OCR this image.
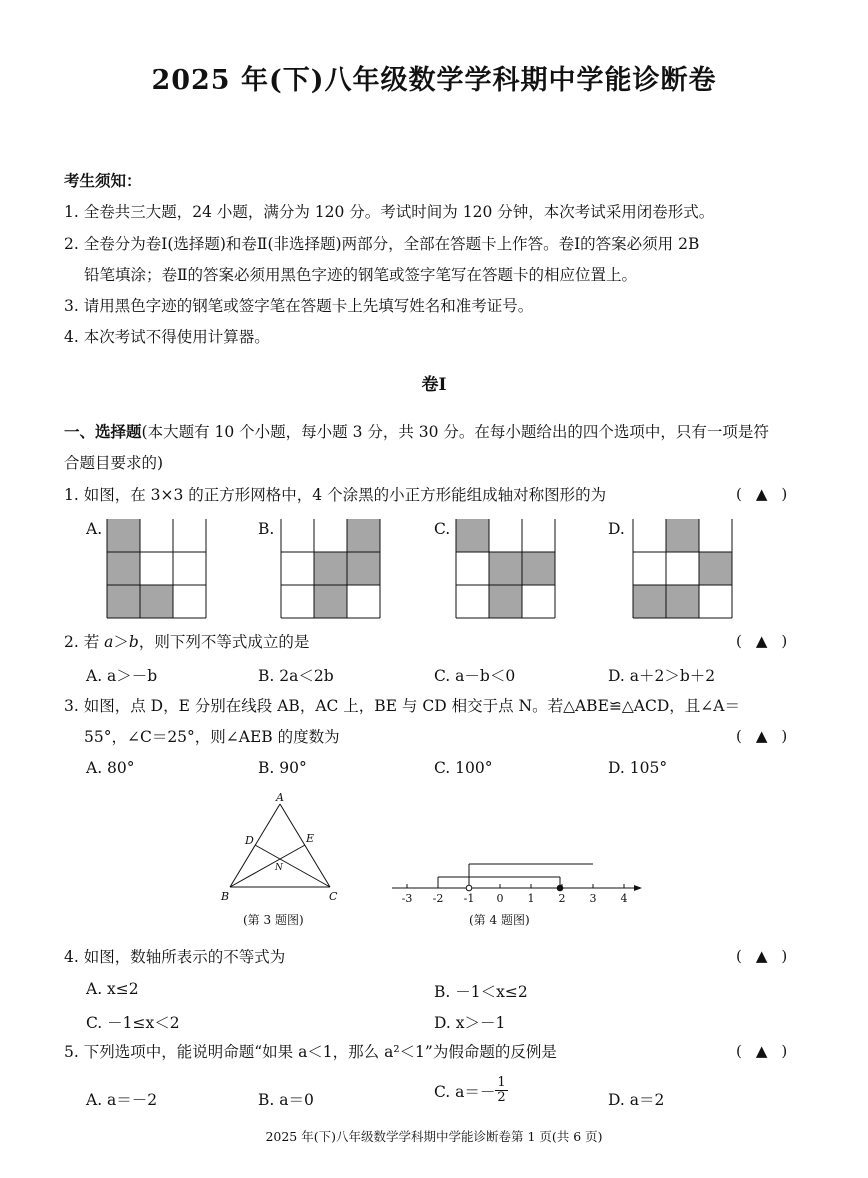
2025 年(下)八年级数学学科期中学能诊断卷
考生须知：
1. 全卷共三大题，24 小题，满分为 120 分。考试时间为 120 分钟，本次考试采用闭卷形式。
2. 全卷分为卷Ⅰ(选择题)和卷Ⅱ(非选择题)两部分，全部在答题卡上作答。卷Ⅰ的答案必须用 2B
铅笔填涂；卷Ⅱ的答案必须用黑色字迹的钢笔或签字笔写在答题卡的相应位置上。
3. 请用黑色字迹的钢笔或签字笔在答题卡上先填写姓名和准考证号。
4. 本次考试不得使用计算器。
卷Ⅰ
一、选择题(本大题有 10 个小题，每小题 3 分，共 30 分。在每小题给出的四个选项中，只有一项是符
合题目要求的)
1. 如图，在 3×3 的正方形网格中，4 个涂黑的小正方形能组成轴对称图形的为	( ▲ )
A.	B.	C.	D.
2. 若 a＞b，则下列不等式成立的是	( ▲ )
A. a＞－b	B. 2a＜2b	C. a－b＜0	D. a＋2＞b＋2
3. 如图，点 D，E 分别在线段 AB，AC 上，BE 与 CD 相交于点 N。若△ABE≌△ACD，且∠A＝
55°，∠C＝25°，则∠AEB 的度数为	( ▲ )
A. 80°	B. 90°	C. 100°	D. 105°
A
B	C
D	E
N
(第 3 题图)
-3 -2 -1 0 1 2 3 4
(第 4 题图)
4. 如图，数轴所表示的不等式为	( ▲ )
A. x≤2	B. －1＜x≤2
C. －1≤x＜2	D. x＞－1
5. 下列选项中，能说明命题“如果 a＜1，那么 a²＜1”为假命题的反例是	( ▲ )
A. a＝－2	B. a＝0	C. $a=- \frac{1}{2}$	D. a＝2
2025 年(下)八年级数学学科期中学能诊断卷第 1 页(共 6 页)
